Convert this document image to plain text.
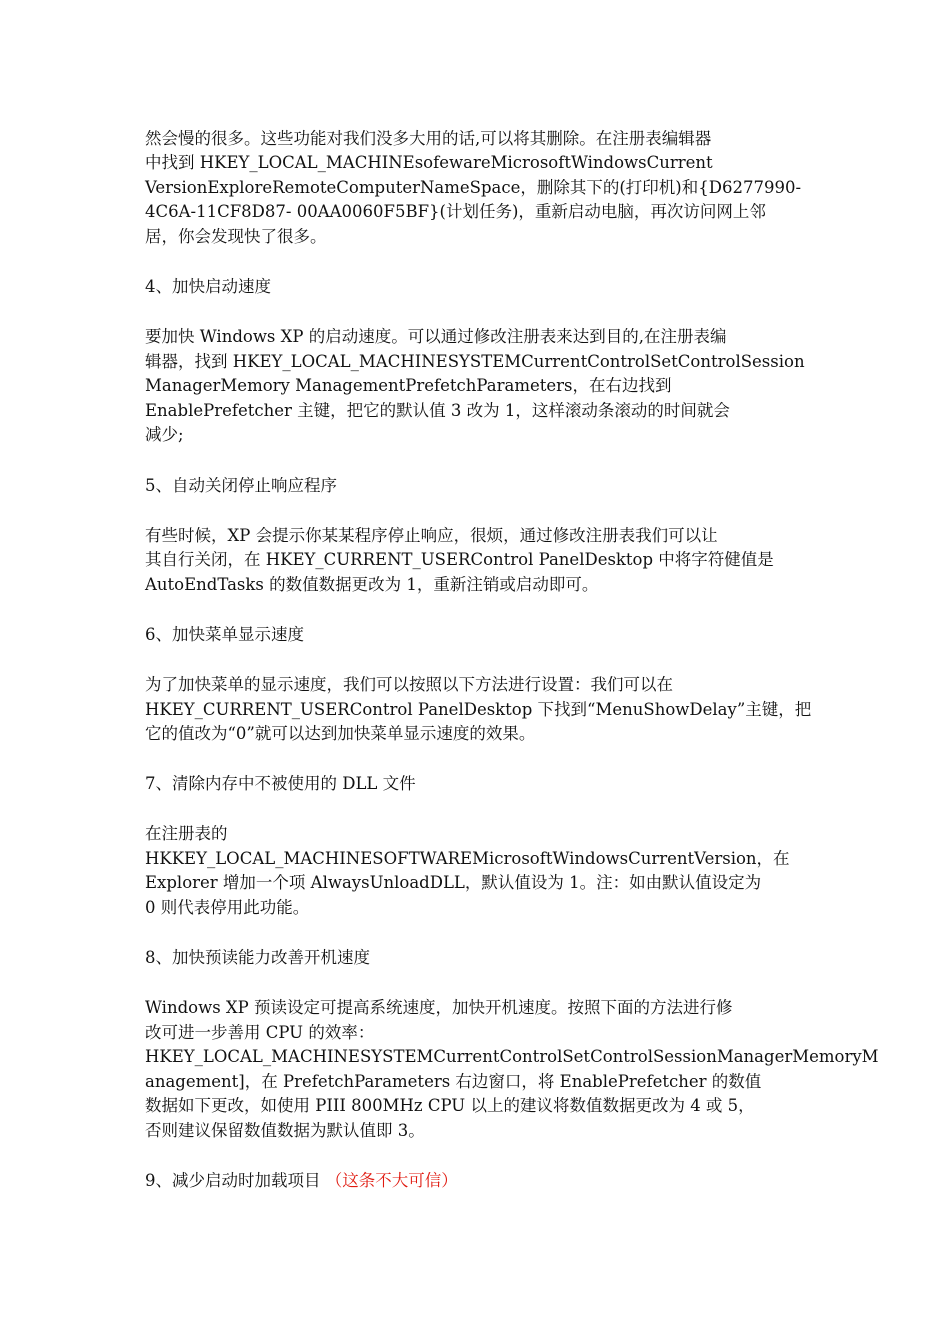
然会慢的很多。这些功能对我们没多大用的话,可以将其删除。在注册表编辑器
中找到 HKEY_LOCAL_MACHINEsofewareMicrosoftWindowsCurrent
VersionExploreRemoteComputerNameSpace，删除其下的(打印机)和{D6277990-
4C6A-11CF8D87- 00AA0060F5BF}(计划任务)，重新启动电脑，再次访问网上邻
居，你会发现快了很多。
4、加快启动速度
要加快 Windows XP 的启动速度。可以通过修改注册表来达到目的,在注册表编
辑器，找到 HKEY_LOCAL_MACHINESYSTEMCurrentControlSetControlSession
ManagerMemory ManagementPrefetchParameters，在右边找到
EnablePrefetcher 主键，把它的默认值 3 改为 1，这样滚动条滚动的时间就会
减少;
5、自动关闭停止响应程序
有些时候，XP 会提示你某某程序停止响应，很烦，通过修改注册表我们可以让
其自行关闭，在 HKEY_CURRENT_USERControl PanelDesktop 中将字符健值是
AutoEndTasks 的数值数据更改为 1，重新注销或启动即可。
6、加快菜单显示速度
为了加快菜单的显示速度，我们可以按照以下方法进行设置：我们可以在
HKEY_CURRENT_USERControl PanelDesktop 下找到“MenuShowDelay”主键，把
它的值改为“0”就可以达到加快菜单显示速度的效果。
7、清除内存中不被使用的 DLL 文件
在注册表的
HKKEY_LOCAL_MACHINESOFTWAREMicrosoftWindowsCurrentVersion，在
Explorer 增加一个项 AlwaysUnloadDLL，默认值设为 1。注：如由默认值设定为
0 则代表停用此功能。
8、加快预读能力改善开机速度
Windows XP 预读设定可提高系统速度，加快开机速度。按照下面的方法进行修
改可进一步善用 CPU 的效率：
HKEY_LOCAL_MACHINESYSTEMCurrentControlSetControlSessionManagerMemoryM
anagement]，在 PrefetchParameters 右边窗口，将 EnablePrefetcher 的数值
数据如下更改，如使用 PIII 800MHz CPU 以上的建议将数值数据更改为 4 或 5，
否则建议保留数值数据为默认值即 3。
9、减少启动时加载项目 （这条不大可信）
